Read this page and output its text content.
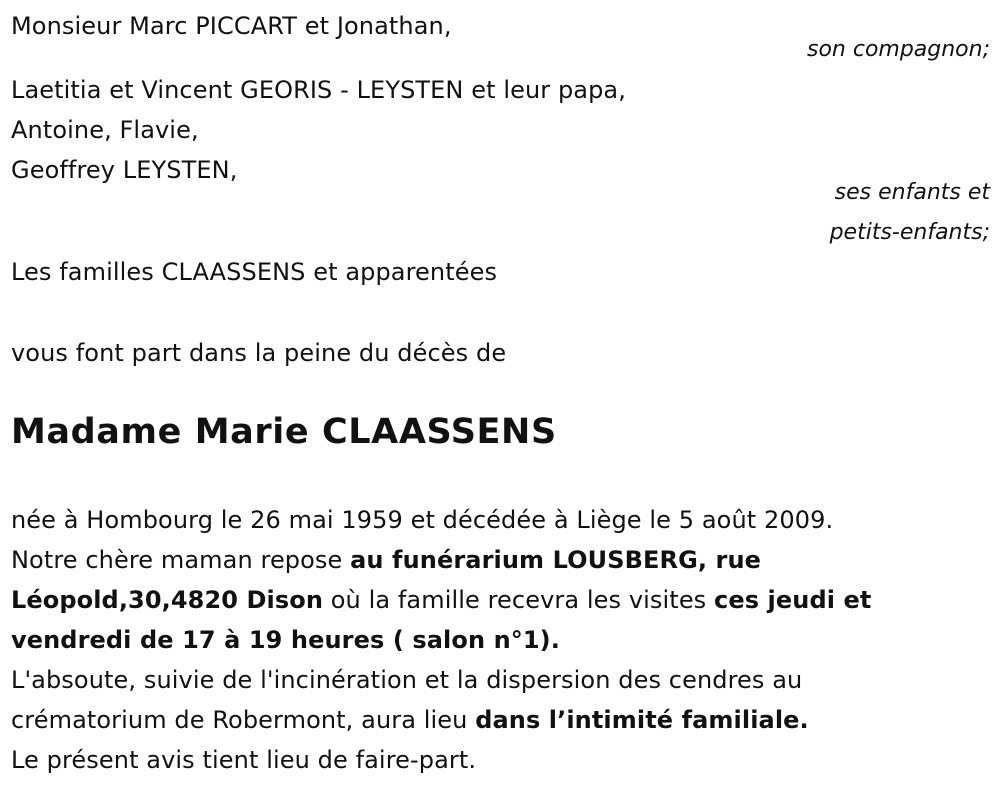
Monsieur Marc PICCART et Jonathan,
son compagnon;
Laetitia et Vincent GEORIS - LEYSTEN et leur papa,
Antoine, Flavie,
Geoffrey LEYSTEN,
ses enfants et
petits-enfants;
Les familles CLAASSENS et apparentées
vous font part dans la peine du décès de
Madame Marie CLAASSENS
née à Hombourg le 26 mai 1959 et décédée à Liège le 5 août 2009.
Notre chère maman repose au funérarium LOUSBERG, rue
Léopold,30,4820 Dison où la famille recevra les visites ces jeudi et
vendredi de 17 à 19 heures ( salon n°1).
L'absoute, suivie de l'incinération et la dispersion des cendres au
crématorium de Robermont, aura lieu dans l’intimité familiale.
Le présent avis tient lieu de faire-part.
